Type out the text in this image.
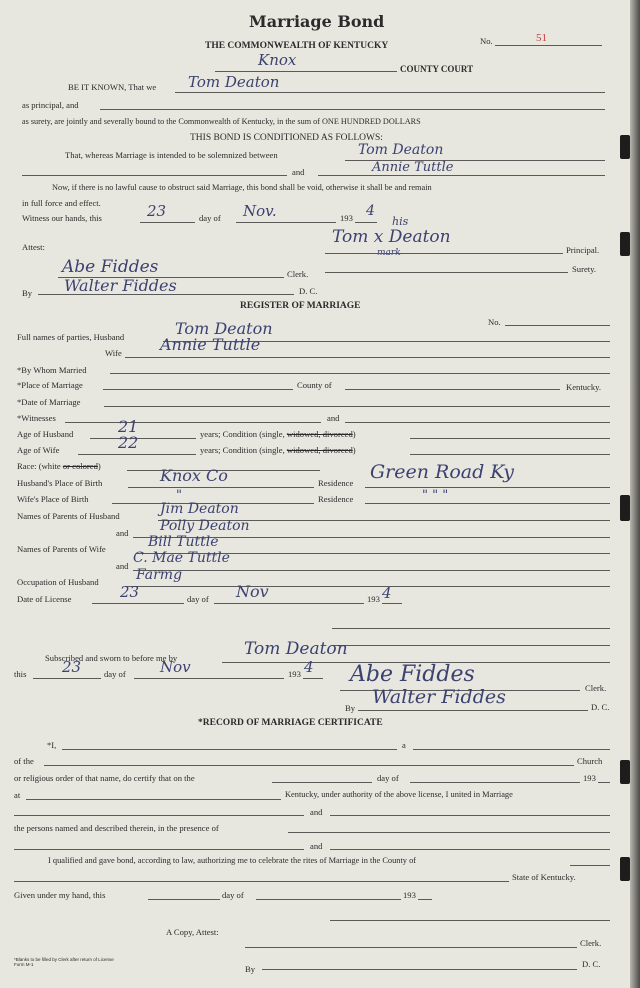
Marriage Bond
THE COMMONWEALTH OF KENTUCKY	No.	51
Knox	COUNTY COURT
BE IT KNOWN, That we Tom Deaton
as principal, and
as surety, are jointly and severally bound to the Commonwealth of Kentucky, in the sum of ONE HUNDRED DOLLARS
THIS BOND IS CONDITIONED AS FOLLOWS:
That, whereas Marriage is intended to be solemnized between	Tom Deaton
and	Annie Tuttle
Now, if there is no lawful cause to obstruct said Marriage, this bond shall be void, otherwise it shall be and remain
in full force and effect.
Witness our hands, this	23	day of Nov.	193 4
Attest:
his
Tom x Deaton
mark	Principal.
Surety.
Abe Fiddes	Clerk.
By Walter Fiddes	D. C.
REGISTER OF MARRIAGE
No.
Full names of parties, Husband	Tom Deaton
Wife Annie Tuttle
*By Whom Married
*Place of Marriage	County of	Kentucky.
*Date of Marriage
*Witnesses	and
Age of Husband	21	years; Condition (single, widowed, divorced)
Age of Wife	22	years; Condition (single, widowed, divorced)
Race: (white or colored)
Husband's Place of Birth	Knox Co	Residence Green Road Ky
Wife's Place of Birth	"	Residence	" " "
Names of Parents of Husband	Jim Deaton
and Polly Deaton
Names of Parents of Wife	Bill Tuttle
and C. Mae Tuttle
Occupation of Husband	Farmg
Date of License	23	day of Nov	193 4
Subscribed and sworn to before me by	Tom Deaton
this 23	day of Nov	193 4 Abe Fiddes
Clerk.
By Walter Fiddes	D. C.
*RECORD OF MARRIAGE CERTIFICATE
*I,	a
of the	Church
or religious order of that name, do certify that on the	day of	193
at	Kentucky, under authority of the above license, I united in Marriage
and
the persons named and described therein, in the presence of
and
I qualified and gave bond, according to law, authorizing me to celebrate the rites of Marriage in the County of
State of Kentucky.
Given under my hand, this	day of	193
A Copy, Attest:
Clerk.
By	D. C.
*Blanks to be filled by Clerk after return of License
Form M-1
